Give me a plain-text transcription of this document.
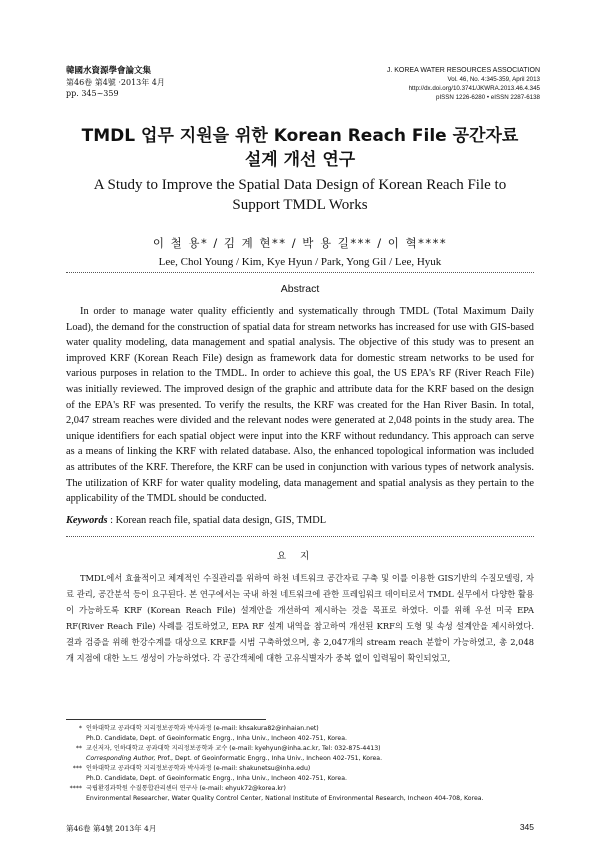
韓國水資源學會論文集
第46卷 第4號 ·2013年 4月
pp. 345~359
J. KOREA WATER RESOURCES ASSOCIATION
Vol. 46, No. 4:345-359, April 2013
http://dx.doi.org/10.3741/JKWRA.2013.46.4.345
pISSN 1226-6280 • eISSN 2287-6138
TMDL 업무 지원을 위한 Korean Reach File 공간자료
설계 개선 연구
A Study to Improve the Spatial Data Design of Korean Reach File to
Support TMDL Works
이 철 용* / 김 계 현** / 박 용 길*** / 이 혁****
Lee, Chol Young / Kim, Kye Hyun / Park, Yong Gil / Lee, Hyuk
Abstract

In order to manage water quality efficiently and systematically through TMDL (Total Maximum Daily Load), the demand for the construction of spatial data for stream networks has increased for use with GIS-based water quality modeling, data management and spatial analysis. The objective of this study was to present an improved KRF (Korean Reach File) design as framework data for domestic stream networks to be used for various purposes in relation to the TMDL. In order to achieve this goal, the US EPA's RF (River Reach File) was initially reviewed. The improved design of the graphic and attribute data for the KRF based on the design of the EPA's RF was presented. To verify the results, the KRF was created for the Han River Basin. In total, 2,047 stream reaches were divided and the relevant nodes were generated at 2,048 points in the study area. The unique identifiers for each spatial object were input into the KRF without redundancy. This approach can serve as a means of linking the KRF with related database. Also, the enhanced topological information was included as attributes of the KRF. Therefore, the KRF can be used in conjunction with various types of network analysis. The utilization of KRF for water quality modeling, data management and spatial analysis as they pertain to the applicability of the TMDL should be conducted.

Keywords : Korean reach file, spatial data design, GIS, TMDL
요지

TMDL에서 효율적이고 체계적인 수질관리를 위하여 하천 네트워크 공간자료 구축 및 이를 이용한 GIS기반의 수질모델링, 자료 관리, 공간분석 등이 요구된다. 본 연구에서는 국내 하천 네트워크에 관한 프레임워크 데이터로서 TMDL 실무에서 다양한 활용이 가능하도록 KRF (Korean Reach File) 설계안을 개선하여 제시하는 것을 목표로 하였다. 이를 위해 우선 미국 EPA RF(River Reach File) 사례를 검토하였고, EPA RF 설계 내역을 참고하여 개선된 KRF의 도형 및 속성 설계안을 제시하였다. 결과 검증을 위해 한강수계를 대상으로 KRF를 시범 구축하였으며, 총 2,047개의 stream reach 분할이 가능하였고, 총 2,048개 지점에 대한 노드 생성이 가능하였다. 각 공간객체에 대한 고유식별자가 중복 없이 입력됨이 확인되었고,

* 인하대학교 공과대학 지리정보공학과 박사과정 (e-mail: khsakura82@inhaian.net)
Ph.D. Candidate, Dept. of Geoinformatic Engrg., Inha Univ., Incheon 402-751, Korea.
** 교신저자, 인하대학교 공과대학 지리정보공학과 교수 (e-mail: kyehyun@inha.ac.kr, Tel: 032-875-4413)
Corresponding Author, Prof., Dept. of Geoinformatic Engrg., Inha Univ., Incheon 402-751, Korea.
*** 인하대학교 공과대학 지리정보공학과 박사과정 (e-mail: shakunetsu@inha.edu)
Ph.D. Candidate, Dept. of Geoinformatic Engrg., Inha Univ., Incheon 402-751, Korea.
**** 국립환경과학원 수질통합관리센터 연구사 (e-mail: ehyuk72@korea.kr)
Environmental Researcher, Water Quality Control Center, National Institute of Environmental Research, Incheon 404-708, Korea.
第46卷 第4號 2013年 4月	345
